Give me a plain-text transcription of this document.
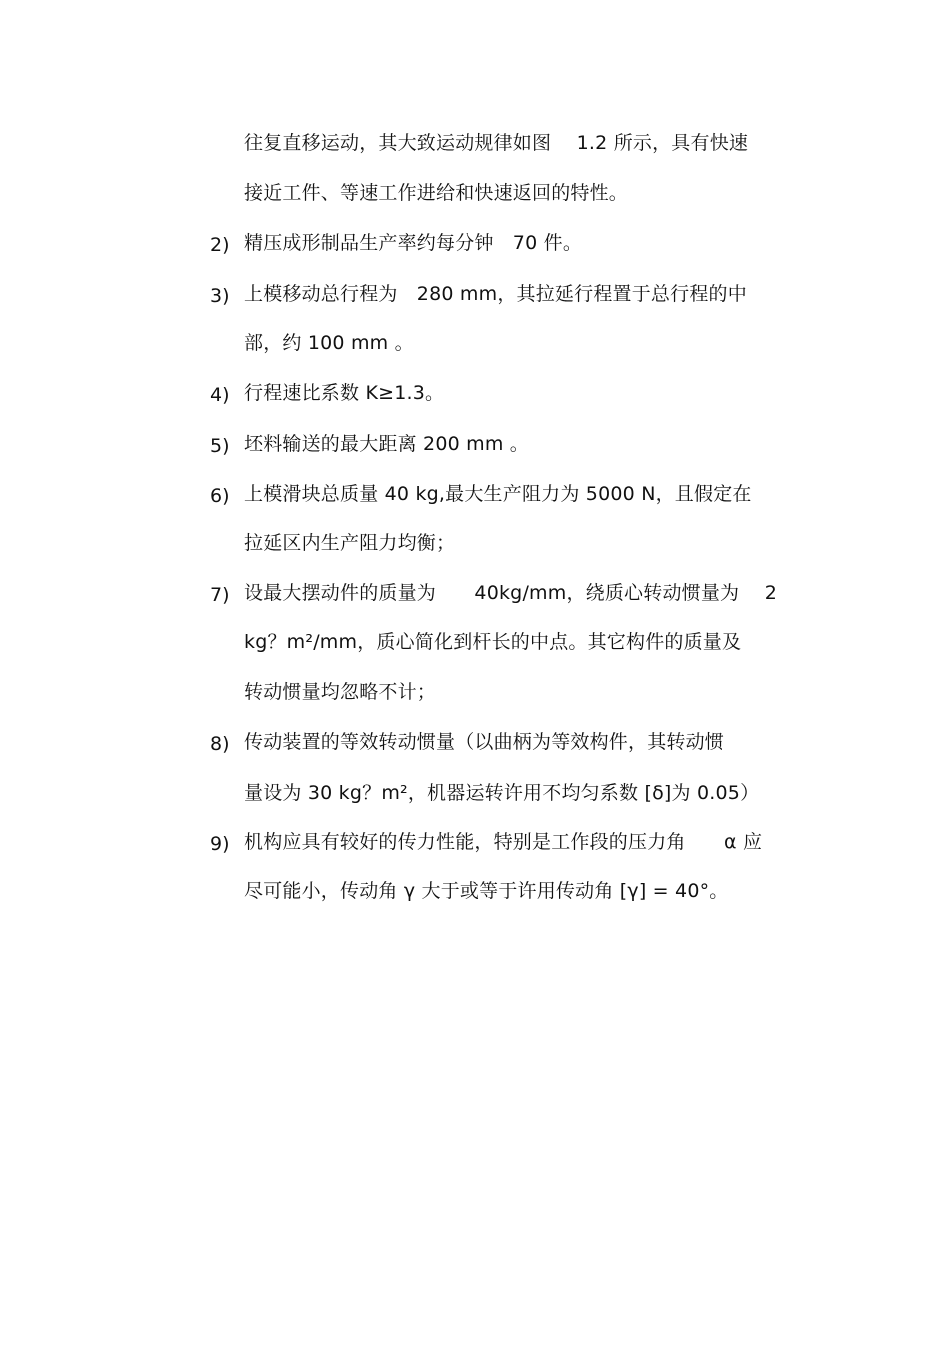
往复直移运动，其大致运动规律如图　 1.2 所示，具有快速
接近工件、等速工作进给和快速返回的特性。
2) 精压成形制品生产率约每分钟　70 件。
3) 上模移动总行程为　280 mm，其拉延行程置于总行程的中
部，约 100 mm 。
4) 行程速比系数 K≥1.3。
5) 坯料输送的最大距离 200 mm 。
6) 上模滑块总质量 40 kg,最大生产阻力为 5000 N，且假定在
拉延区内生产阻力均衡；
7) 设最大摆动件的质量为　　40kg/mm，绕质心转动惯量为　 2
kg？m²/mm，质心简化到杆长的中点。其它构件的质量及
转动惯量均忽略不计；
8) 传动装置的等效转动惯量（以曲柄为等效构件，其转动惯
量设为 30 kg？m²，机器运转许用不均匀系数 [δ]为 0.05）
9) 机构应具有较好的传力性能，特别是工作段的压力角　　α 应
尽可能小，传动角 γ 大于或等于许用传动角 [γ] = 40°。
